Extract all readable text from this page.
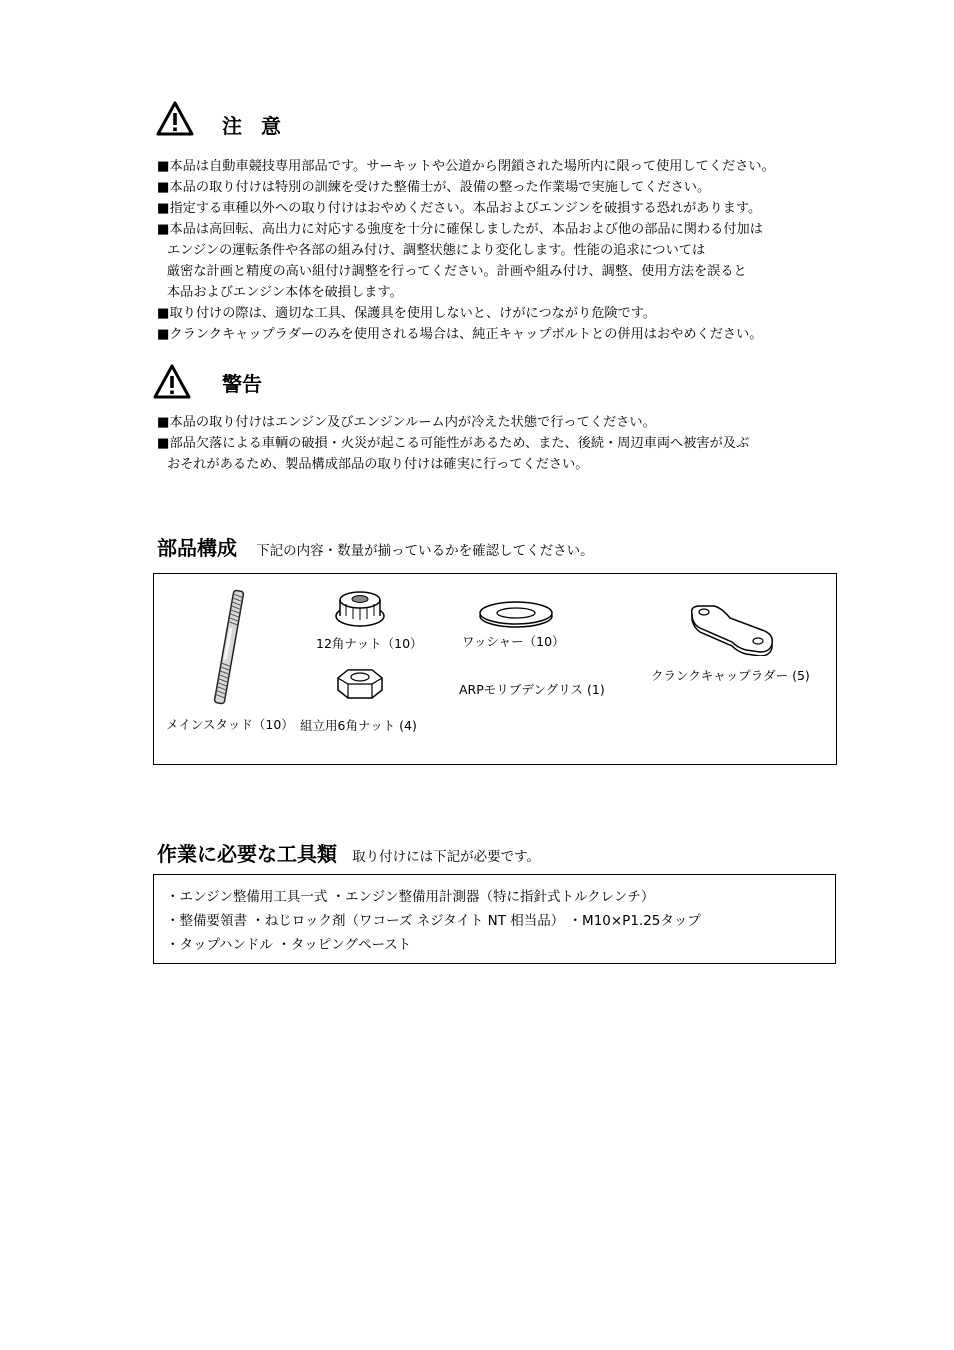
注 意
■本品は自動車競技専用部品です。サーキットや公道から閉鎖された場所内に限って使用してください。
■本品の取り付けは特別の訓練を受けた整備士が、設備の整った作業場で実施してください。
■指定する車種以外への取り付けはおやめください。本品およびエンジンを破損する恐れがあります。
■本品は高回転、高出力に対応する強度を十分に確保しましたが、本品および他の部品に関わる付加は
エンジンの運転条件や各部の組み付け、調整状態により変化します。性能の追求については
厳密な計画と精度の高い組付け調整を行ってください。計画や組み付け、調整、使用方法を誤ると
本品およびエンジン本体を破損します。
■取り付けの際は、適切な工具、保護具を使用しないと、けがにつながり危険です。
■クランクキャップラダーのみを使用される場合は、純正キャップボルトとの併用はおやめください。
警告
■本品の取り付けはエンジン及びエンジンルーム内が冷えた状態で行ってください。
■部品欠落による車輌の破損・火災が起こる可能性があるため、また、後続・周辺車両へ被害が及ぶ
おそれがあるため、製品構成部品の取り付けは確実に行ってください。
部品構成 下記の内容・数量が揃っているかを確認してください。
メインスタッド（10）
12角ナット（10）
組立用6角ナット (4)
ワッシャー（10）
ARPモリブデングリス (1)
クランクキャップラダー (5)
作業に必要な工具類 取り付けには下記が必要です。
・エンジン整備用工具一式 ・エンジン整備用計測器（特に指針式トルクレンチ）
・整備要領書 ・ねじロック剤（ワコーズ ネジタイト NT 相当品） ・M10×P1.25タップ
・タップハンドル ・タッピングペースト
